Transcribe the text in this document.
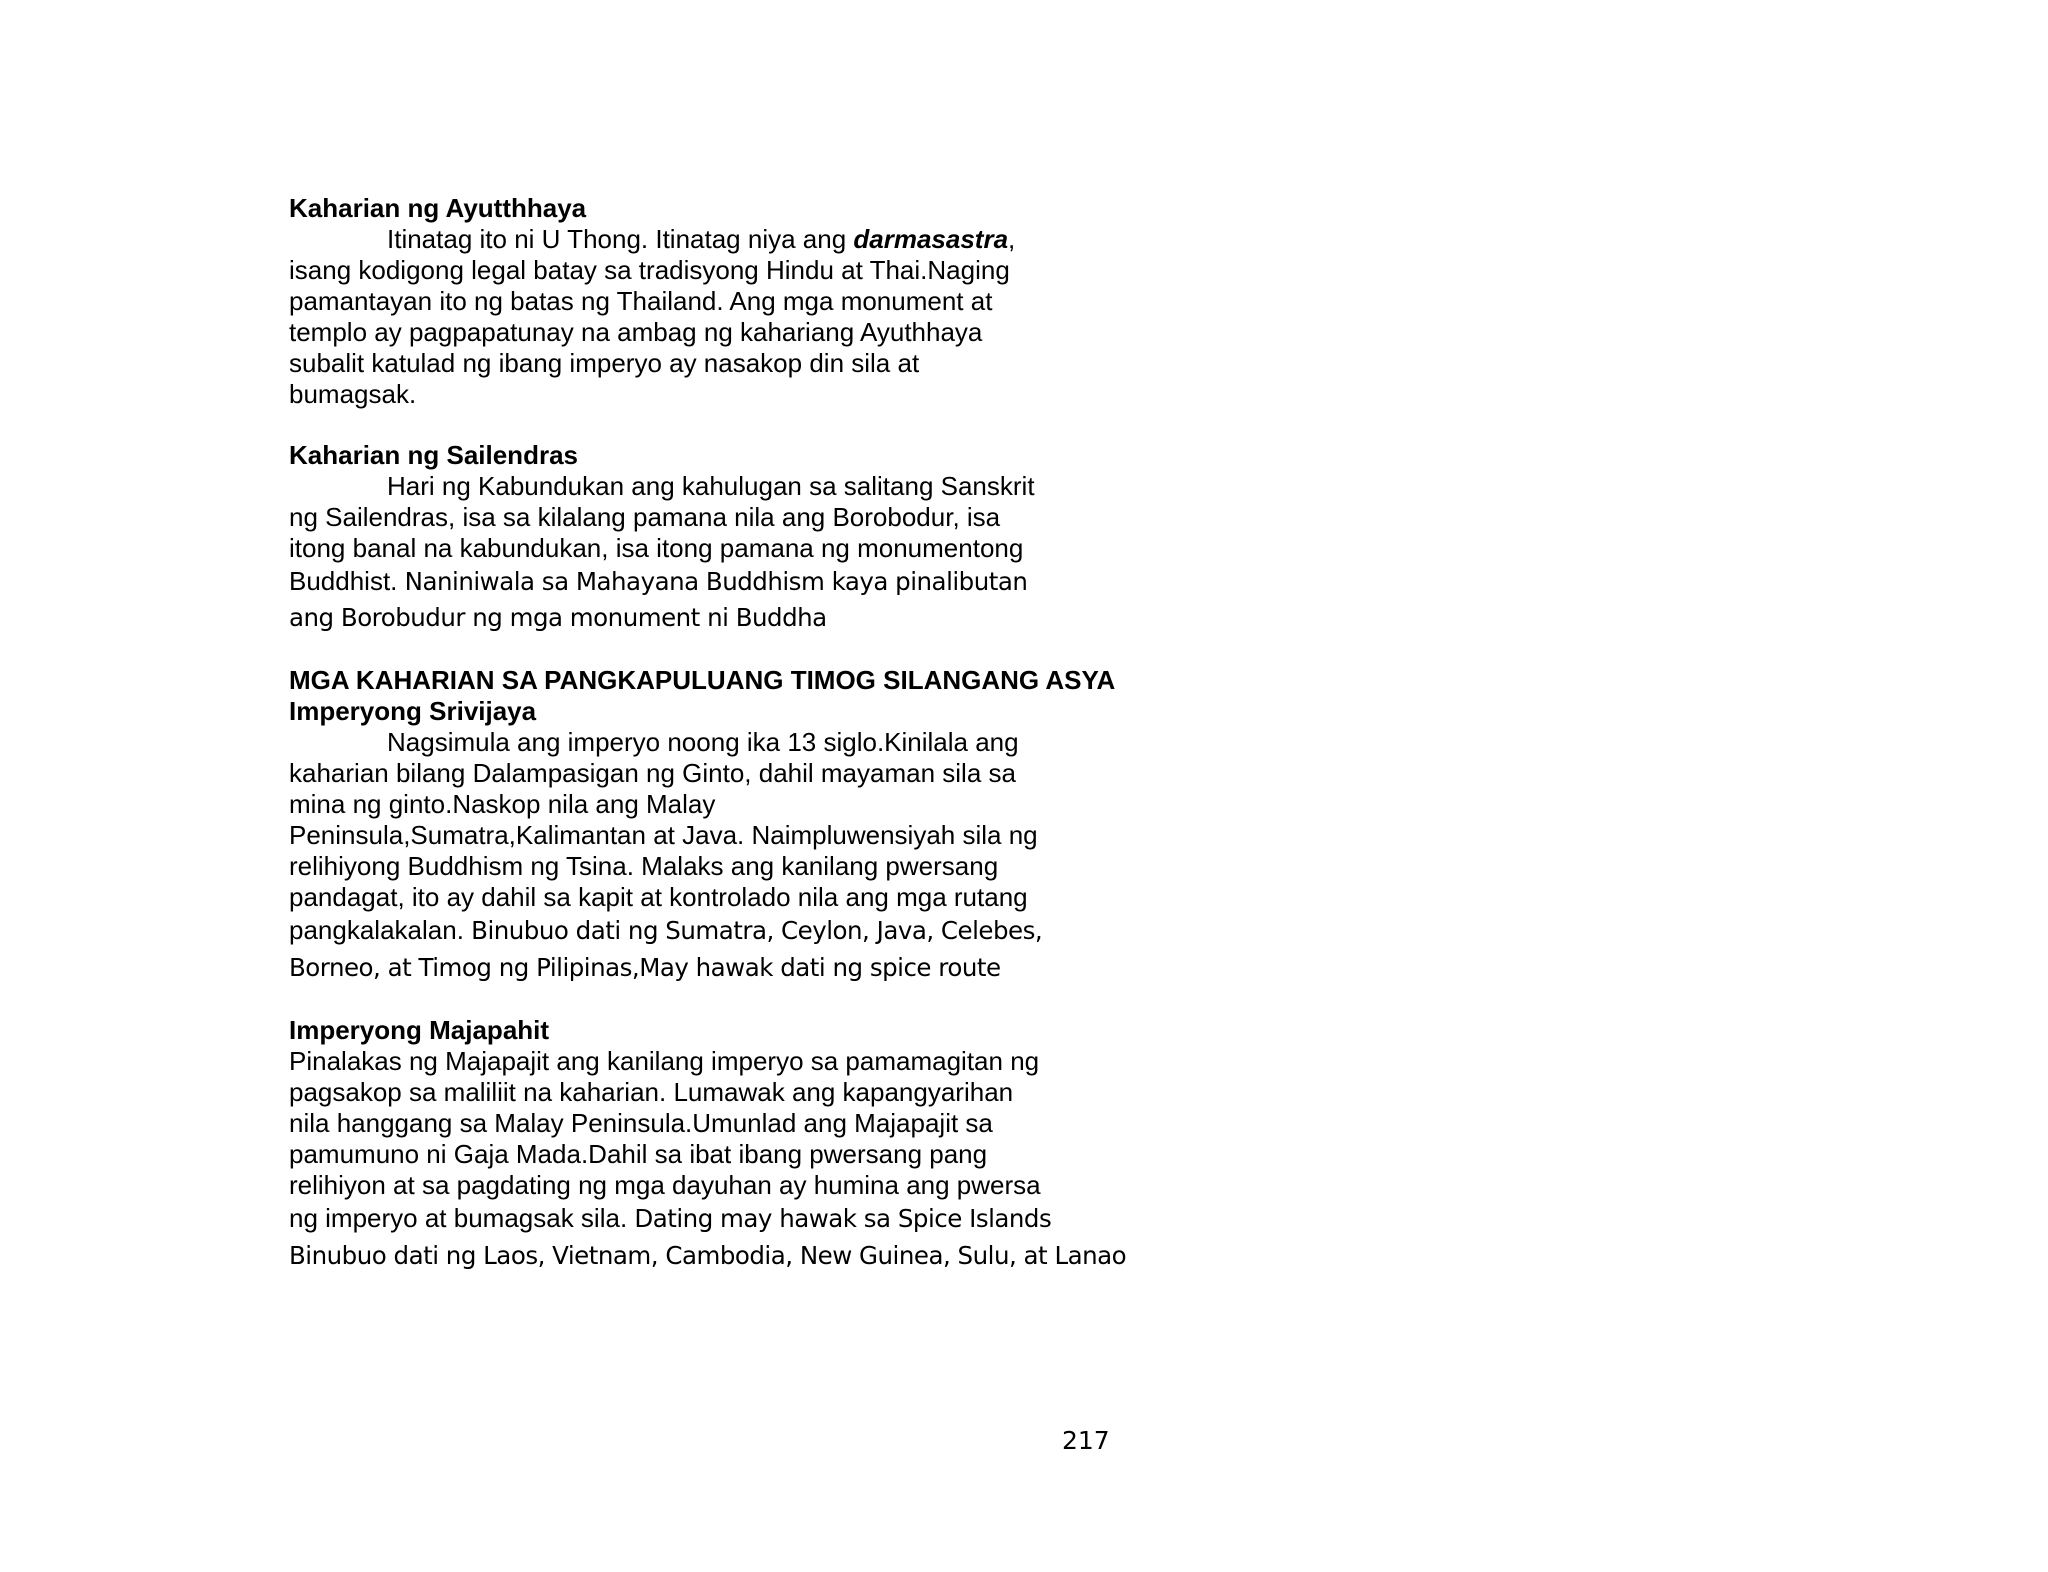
Kaharian ng Ayutthhaya
Itinatag ito ni U Thong. Itinatag niya ang darmasastra,
isang kodigong legal batay sa tradisyong Hindu at Thai.Naging
pamantayan ito ng batas ng Thailand. Ang mga monument at
templo ay pagpapatunay na ambag ng kahariang Ayuthhaya
subalit katulad ng ibang imperyo ay nasakop din sila at
bumagsak.
Kaharian ng Sailendras
Hari ng Kabundukan ang kahulugan sa salitang Sanskrit
ng Sailendras, isa sa kilalang pamana nila ang Borobodur, isa
itong banal na kabundukan, isa itong pamana ng monumentong
Buddhist. Naniniwala sa Mahayana Buddhism kaya pinalibutan
ang Borobudur ng mga monument ni Buddha
MGA KAHARIAN SA PANGKAPULUANG TIMOG SILANGANG ASYA
Imperyong Srivijaya
Nagsimula ang imperyo noong ika 13 siglo.Kinilala ang
kaharian bilang Dalampasigan ng Ginto, dahil mayaman sila sa
mina ng ginto.Naskop nila ang Malay
Peninsula,Sumatra,Kalimantan at Java. Naimpluwensiyah sila ng
relihiyong Buddhism ng Tsina. Malaks ang kanilang pwersang
pandagat, ito ay dahil sa kapit at kontrolado nila ang mga rutang
pangkalakalan. Binubuo dati ng Sumatra, Ceylon, Java, Celebes,
Borneo, at Timog ng Pilipinas,May hawak dati ng spice route
Imperyong Majapahit
Pinalakas ng Majapajit ang kanilang imperyo sa pamamagitan ng
pagsakop sa maliliit na kaharian. Lumawak ang kapangyarihan
nila hanggang sa Malay Peninsula.Umunlad ang Majapajit sa
pamumuno ni Gaja Mada.Dahil sa ibat ibang pwersang pang
relihiyon at sa pagdating ng mga dayuhan ay humina ang pwersa
ng imperyo at bumagsak sila. Dating may hawak sa Spice Islands
Binubuo dati ng Laos, Vietnam, Cambodia, New Guinea, Sulu, at Lanao
217
